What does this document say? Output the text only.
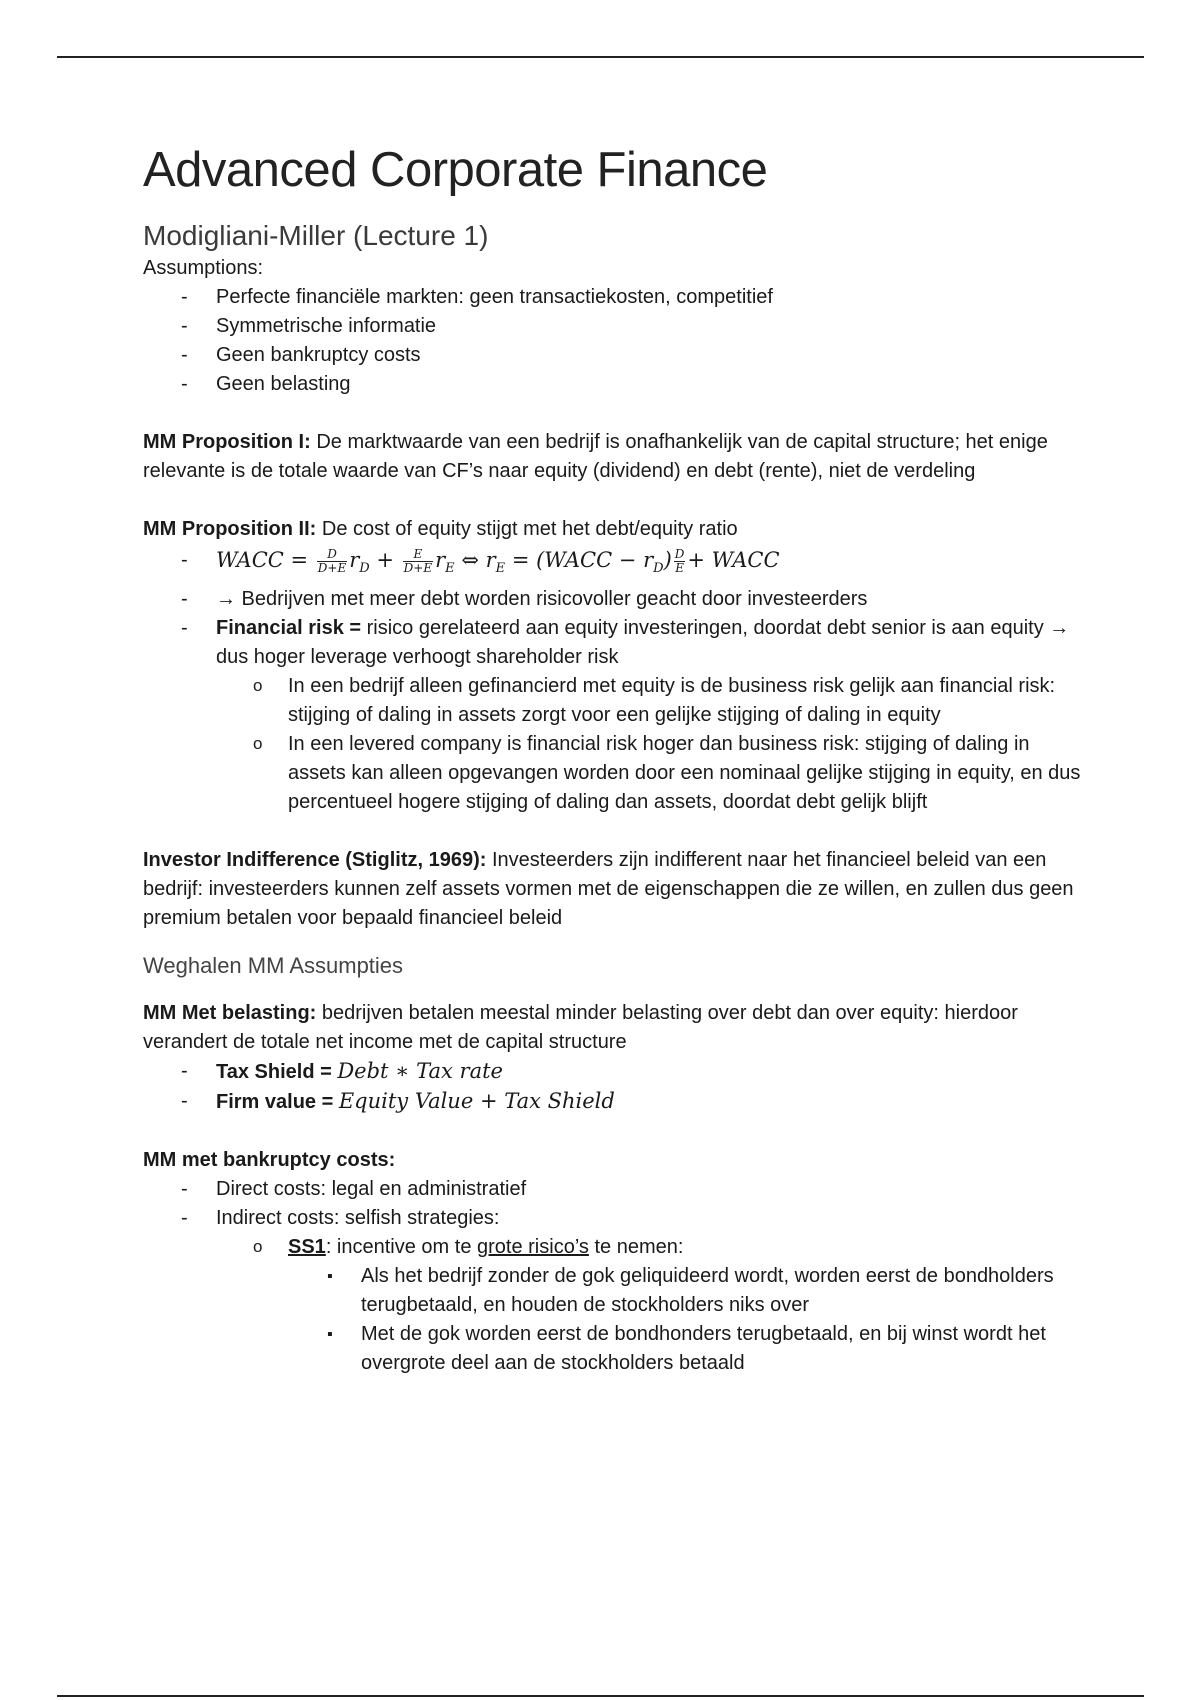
Advanced Corporate Finance
Modigliani-Miller (Lecture 1)

Assumptions:

- Perfecte financiële markten: geen transactiekosten, competitief
- Symmetrische informatie
- Geen bankruptcy costs
- Geen belasting

MM Proposition I: De marktwaarde van een bedrijf is onafhankelijk van de capital structure; het enige relevante is de totale waarde van CF’s naar equity (dividend) en debt (rente), niet de verdeling

MM Proposition II: De cost of equity stijgt met het debt/equity ratio

- WACC = $\frac{D}{D+E} r_D + \frac{E}{D+E} r_E$ ⇔ $r_E$ = (WACC − $r_D) \frac{D}{E}$ + WACC
- → Bedrijven met meer debt worden risicovoller geacht door investeerders
- Financial risk = risico gerelateerd aan equity investeringen, doordat debt senior is aan equity → dus hoger leverage verhoogt shareholder risk
o In een bedrijf alleen gefinancierd met equity is de business risk gelijk aan financial risk: stijging of daling in assets zorgt voor een gelijke stijging of daling in equity
o In een levered company is financial risk hoger dan business risk: stijging of daling in assets kan alleen opgevangen worden door een nominaal gelijke stijging in equity, en dus percentueel hogere stijging of daling dan assets, doordat debt gelijk blijft

Investor Indifference (Stiglitz, 1969): Investeerders zijn indifferent naar het financieel beleid van een bedrijf: investeerders kunnen zelf assets vormen met de eigenschappen die ze willen, en zullen dus geen premium betalen voor bepaald financieel beleid

Weghalen MM Assumpties

MM Met belasting: bedrijven betalen meestal minder belasting over debt dan over equity: hierdoor verandert de totale net income met de capital structure

- Tax Shield = Debt ∗ Tax rate
- Firm value = Equity Value + Tax Shield

MM met bankruptcy costs:

- Direct costs: legal en administratief
- Indirect costs: selfish strategies:
o SS1: incentive om te grote risico’s te nemen:
▪ Als het bedrijf zonder de gok geliquideerd wordt, worden eerst de bondholders terugbetaald, en houden de stockholders niks over
▪ Met de gok worden eerst de bondhonders terugbetaald, en bij winst wordt het overgrote deel aan de stockholders betaald
